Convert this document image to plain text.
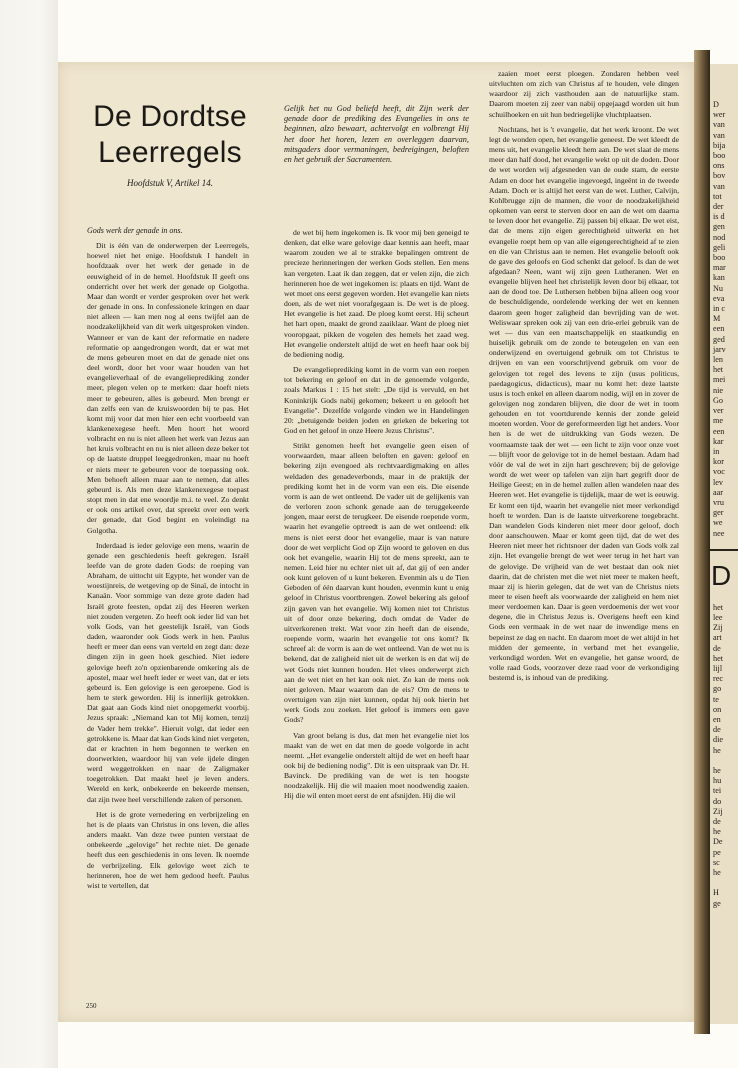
De Dordtse
Leerregels
Hoofdstuk V, Artikel 14.
Gelijk het nu God beliefd heeft, dit Zijn werk der genade door de prediking des Evangelies in ons te beginnen, alzo bewaart, achtervolgt en volbrengt Hij het door het horen, lezen en overleggen daarvan, mitsgaders door vermaningen, bedreigingen, beloften en het gebruik der Sacramenten.

Gods werk der genade in ons.

Dit is één van de onderwerpen der Leerregels, hoewel niet het enige. Hoofdstuk I handelt in hoofdzaak over het werk der genade in de eeuwigheid of in de hemel. Hoofdstuk II geeft ons onderricht over het werk der genade op Golgotha. Maar dan wordt er verder gesproken over het werk der genade in ons. In confessionele kringen en daar niet alleen — kan men nog al eens twijfel aan de noodzakelijkheid van dit werk uitgesproken vinden. Wanneer er van de kant der reformatie en nadere reformatie op aangedrongen wordt, dat er wat met de mens gebeuren moet en dat de genade niet ons deel wordt, door het voor waar houden van het evangelieverhaal of de evangelieprediking zonder meer, plegen velen op te merken: daar hoeft niets meer te gebeuren, alles is gebeurd. Men brengt er dan zelfs een van de kruiswoorden bij te pas. Het komt mij voor dat men hier een echt voorbeeld van klankenexegese heeft. Men hoort het woord volbracht en nu is niet alleen het werk van Jezus aan het kruis volbracht en nu is niet alleen deze beker tot op de laatste druppel leeggedronken, maar nu hoeft er niets meer te gebeuren voor de toepassing ook. Men behoeft alleen maar aan te nemen, dat alles gebeurd is. Als men deze klankenexegese toepast stopt men in dat ene woordje m.i. te veel. Zo denkt er ook ons artikel over, dat spreekt over een werk der genade, dat God begint en voleindigt na Golgotha.

Inderdaad is ieder gelovige een mens, waarin de genade een geschiedenis heeft gekregen. Israël leefde van de grote daden Gods: de roeping van Abraham, de uittocht uit Egypte, het wonder van de woestijnreis, de wetgeving op de Sinaï, de intocht in Kanaän. Voor sommige van deze grote daden had Israël grote feesten, opdat zij des Heeren werken niet zouden vergeten. Zo heeft ook ieder lid van het volk Gods, van het geestelijk Israël, van Gods daden, waaronder ook Gods werk in hen. Paulus heeft er meer dan eens van verteld en zegt dan: deze dingen zijn in geen hoek geschied. Niet iedere gelovige heeft zo'n opzienbarende omkering als de apostel, maar wel heeft ieder er weet van, dat er iets gebeurd is. Een gelovige is een geroepene. God is hem te sterk geworden. Hij is innerlijk getrokken. Dat gaat aan Gods kind niet onopgemerkt voorbij. Jezus spraak: „Niemand kan tot Mij komen, tenzij de Vader hem trekke". Hieruit volgt, dat ieder een getrokkene is. Maar dat kan Gods kind niet vergeten, dat er krachten in hem begonnen te werken en doorwerkten, waardoor hij van vele ijdele dingen werd weggetrokken en naar de Zaligmaker toegetrokken. Dat maakt heel je leven anders. Wereld en kerk, onbekeerde en bekeerde mensen, dat zijn twee heel verschillende zaken of personen.

Het is de grote vernedering en verbrijzeling en het is de plaats van Christus in ons leven, die alles anders maakt. Van deze twee punten verstaat de onbekeerde „gelovige" het rechte niet. De genade heeft dus een geschiedenis in ons leven. Ik noemde de verbrijzeling. Elk gelovige weet zich te herinneren, hoe de wet hem gedood heeft. Paulus wist te vertellen, dat

de wet bij hem ingekomen is. Ik voor mij ben geneigd te denken, dat elke ware gelovige daar kennis aan heeft, maar waarom zouden we al te strakke bepalingen omtrent de precieze herinneringen der werken Gods stellen. Een mens kan vergeten. Laat ik dan zeggen, dat er velen zijn, die zich herinneren hoe de wet ingekomen is: plaats en tijd. Want de wet moet ons eerst gegeven worden. Het evangelie kan niets doen, als de wet niet voorafgegaan is. De wet is de ploeg. Het evangelie is het zaad. De ploeg komt eerst. Hij scheurt het hart open, maakt de grond zaaiklaar. Want de ploeg niet vooropgaat, pikken de vogelen des hemels het zaad weg. Het evangelie onderstelt altijd de wet en heeft haar ook bij de bediening nodig.

De evangelieprediking komt in de vorm van een roepen tot bekering en geloof en dat in de genoemde volgorde, zoals Markus 1 : 15 het stelt: „De tijd is vervuld, en het Koninkrijk Gods nabij gekomen; bekeert u en gelooft het Evangelie". Dezelfde volgorde vinden we in Handelingen 20: „betuigende beiden joden en grieken de bekering tot God en het geloof in onze Heere Jezus Christus".

Strikt genomen heeft het evangelie geen eisen of voorwaarden, maar alleen beloften en gaven: geloof en bekering zijn evengoed als rechtvaardigmaking en alles weldaden des genadeverbonds, maar in de praktijk der prediking komt het in de vorm van een eis. Die eisende vorm is aan de wet ontleend. De vader uit de gelijkenis van de verloren zoon schonk genade aan de teruggekeerde jongen, maar eerst de terugkeer. De eisende roepende vorm, waarin het evangelie optreedt is aan de wet ontleend: elk mens is niet eerst door het evangelie, maar is van nature door de wet verplicht God op Zijn woord te geloven en dus ook het evangelie, waarin Hij tot de mens spreekt, aan te nemen. Leid hier nu echter niet uit af, dat gij of een ander ook kunt geloven of u kunt bekeren. Evenmin als u de Tien Geboden of één daarvan kunt houden, evenmin kunt u enig geloof in Christus voortbrengen. Zowel bekering als geloof zijn gaven van het evangelie. Wij komen niet tot Christus uit of door onze bekering, doch omdat de Vader de uitverkorenen trekt. Wat voor zin heeft dan de eisende, roepende vorm, waarin het evangelie tot ons komt? Ik schreef al: de vorm is aan de wet ontleend. Van de wet nu is bekend, dat de zaligheid niet uit de werken is en dat wij de wet Gods niet kunnen houden. Het vlees onderwerpt zich aan de wet niet en het kan ook niet. Zo kan de mens ook niet geloven. Maar waarom dan de eis? Om de mens te overtuigen van zijn niet kunnen, opdat hij ook hierin het werk Gods zou zoeken. Het geloof is immers een gave Gods?

Van groot belang is dus, dat men het evangelie niet los maakt van de wet en dat men de goede volgorde in acht neemt. „Het evangelie onderstelt altijd de wet en heeft haar ook bij de bediening nodig". Dit is een uitspraak van Dr. H. Bavinck. De prediking van de wet is ten hoogste noodzakelijk. Hij die wil maaien moet noodwendig zaaien. Hij die wil enten moet eerst de ent afsnijden. Hij die wil

zaaien moet eerst ploegen. Zondaren hebben veel uitvluchten om zich van Christus af te houden, vele dingen waardoor zij zich vasthouden aan de natuurlijke stam. Daarom moeten zij zeer van nabij opgejaagd worden uit hun schuilhoeken en uit hun bedriegelijke vluchtplaatsen.

Nochtans, het is 't evangelie, dat het werk kroont. De wet legt de wonden open, het evangelie geneest. De wet kleedt de mens uit, het evangelie kleedt hem aan. De wet slaat de mens meer dan half dood, het evangelie wekt op uit de doden. Door de wet worden wij afgesneden van de oude stam, de eerste Adam en door het evangelie ingevoegd, ingeënt in de tweede Adam. Doch er is altijd het eerst van de wet. Luther, Calvijn, Kohlbrugge zijn de mannen, die voor de noodzakelijkheid opkomen van eerst te sterven door en aan de wet om daarna te leven door het evangelie. Zij passen bij elkaar. De wet eist, dat de mens zijn eigen gerechtigheid uitwerkt en het evangelie roept hem op van alle eigengerechtigheid af te zien en die van Christus aan te nemen. Het evangelie belooft ook de gave des geloofs en God schenkt dat geloof. Is dan de wet afgedaan? Neen, want wij zijn geen Lutheranen. Wet en evangelie blijven heel het christelijk leven door bij elkaar, tot aan de dood toe. De Luthersen hebben bijna alleen oog voor de beschuldigende, oordelende werking der wet en kennen daarom geen hoger zaligheid dan bevrijding van de wet. Weliswaar spreken ook zij van een drie-erlei gebruik van de wet — dus van een maatschappelijk en staatkundig en huiselijk gebruik om de zonde te beteugelen en van een onderwijzend en overtuigend gebruik om tot Christus te drijven en van een voorschrijvend gebruik om voor de gelovigen tot regel des levens te zijn (usus politicus, paedagogicus, didacticus), maar nu komt het: deze laatste usus is toch enkel en alleen daarom nodig, wijl en in zover de gelovigen nog zondaren blijven, die door de wet in toom gehouden en tot voortdurende kennis der zonde geleid moeten worden. Voor de gereformeerden ligt het anders. Voor hen is de wet de uitdrukking van Gods wezen. De voornaamste taak der wet — een licht te zijn voor onze voet — blijft voor de gelovige tot in de hemel bestaan. Adam had vóór de val de wet in zijn hart geschreven; bij de gelovige wordt de wet weer op tafelen van zijn hart gegrift door de Heilige Geest; en in de hemel zullen allen wandelen naar des Heeren wet. Het evangelie is tijdelijk, maar de wet is eeuwig. Er komt een tijd, waarin het evangelie niet meer verkondigd hoeft te worden. Dan is de laatste uitverkorene toegebracht. Dan wandelen Gods kinderen niet meer door geloof, doch door aanschouwen. Maar er komt geen tijd, dat de wet des Heeren niet meer het richtsnoer der daden van Gods volk zal zijn. Het evangelie brengt de wet weer terug in het hart van de gelovige. De vrijheid van de wet bestaat dan ook niet daarin, dat de christen met die wet niet meer te maken heeft, maar zij is hierin gelegen, dat de wet van de Christus niets meer te eisen heeft als voorwaarde der zaligheid en hem niet meer verdoemen kan. Daar is geen verdoemenis der wet voor degene, die in Christus Jezus is. Overigens heeft een kind Gods een vermaak in de wet naar de inwendige mens en bepeinst ze dag en nacht. En daarom moet de wet altijd in het midden der gemeente, in verband met het evangelie, verkondigd worden. Wet en evangelie, het ganse woord, de volle raad Gods, voorzover deze raad voor de verkondiging bestemd is, is inhoud van de prediking.

250
D
wer
van
van
bija
boo
ons
bov
van
tot
der
is d
gen
nod
geli
boo
mar
kan
Nu
eva
in c
M
een
ged
jarv
len
het
mei
nie
Go
ver
me
een
kar
in
kor
voc
lev
aar
vru
ger
we
nee
D
het
lee
Zij
art
de
het
lijl
rec
go
te
on
en
de
die
he

he
hu
tei
do
Zij
de
he
De
pe
sc
he

H
ge
